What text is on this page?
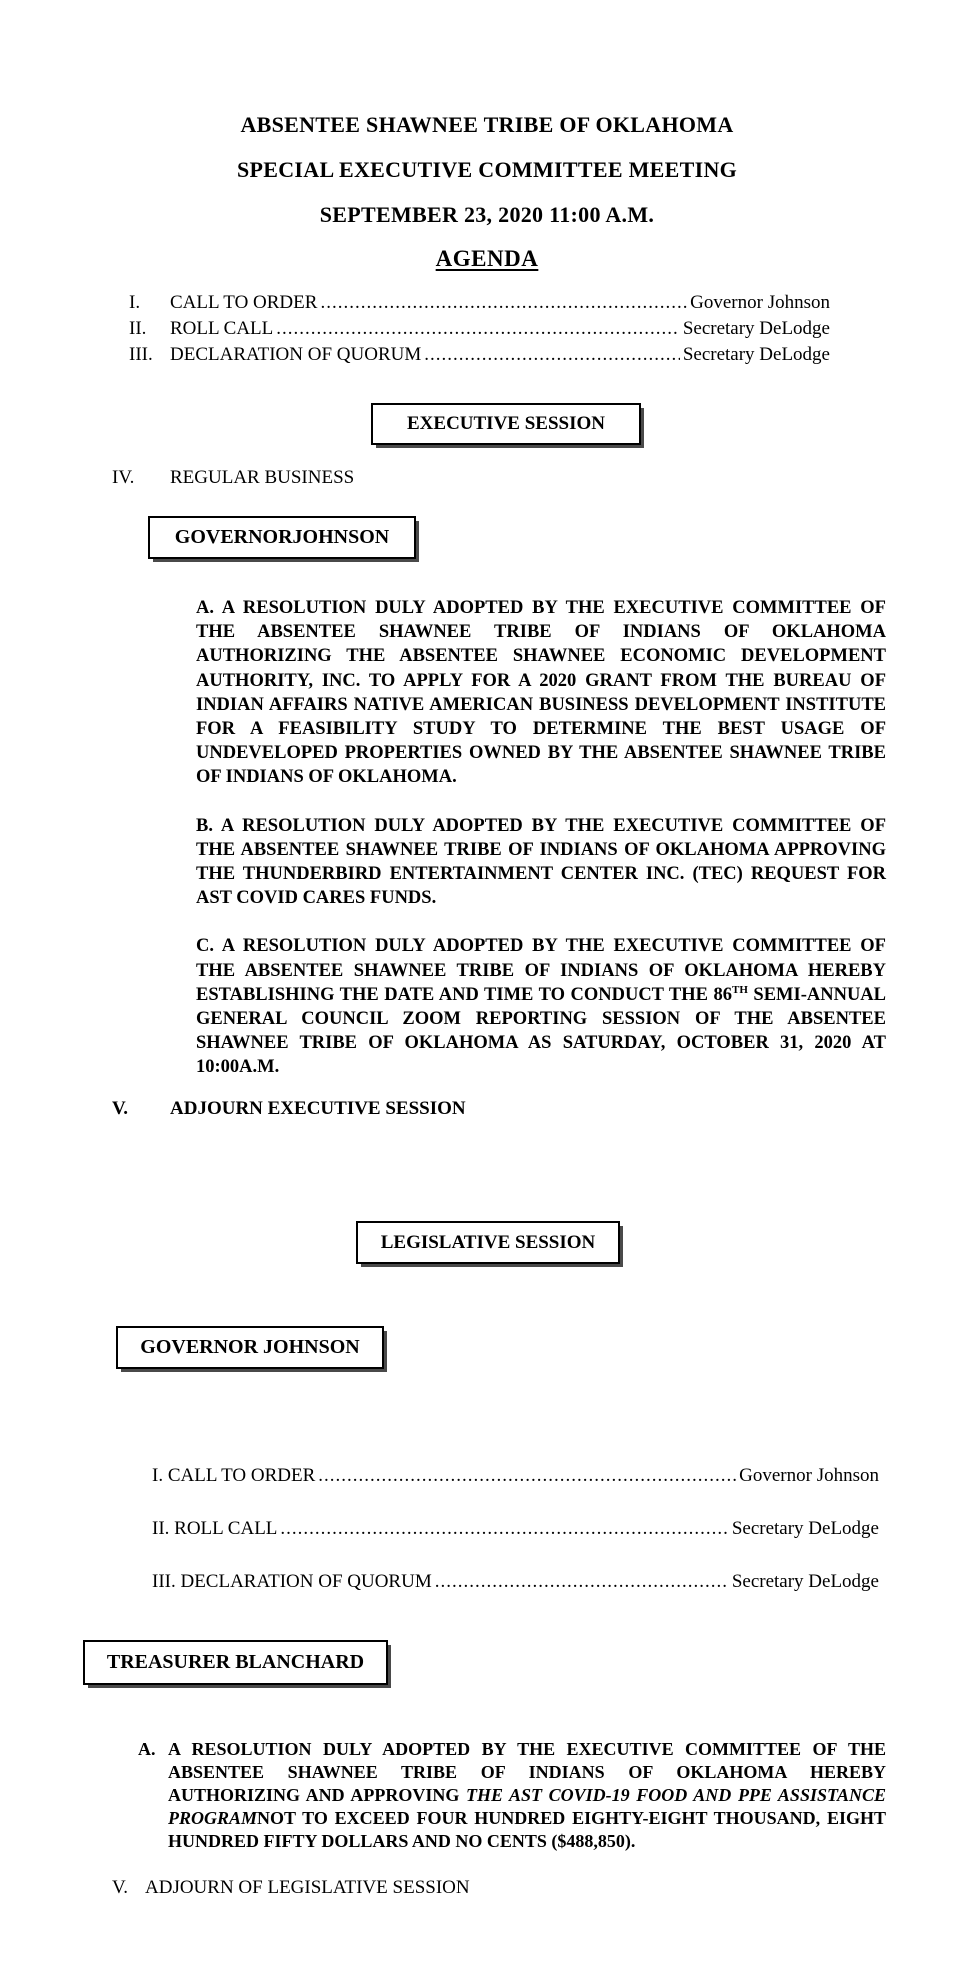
ABSENTEE SHAWNEE TRIBE OF OKLAHOMA
SPECIAL EXECUTIVE COMMITTEE MEETING
SEPTEMBER 23, 2020 11:00 A.M.
AGENDA
I.	CALL TO ORDER .....	Governor Johnson
II.	ROLL CALL .....	Secretary DeLodge
III. DECLARATION OF QUORUM .....	Secretary DeLodge
EXECUTIVE SESSION
IV.	REGULAR BUSINESS
GOVERNORJOHNSON

A. A RESOLUTION DULY ADOPTED BY THE EXECUTIVE COMMITTEE OF THE ABSENTEE SHAWNEE TRIBE OF INDIANS OF OKLAHOMA AUTHORIZING THE ABSENTEE SHAWNEE ECONOMIC DEVELOPMENT AUTHORITY, INC. TO APPLY FOR A 2020 GRANT FROM THE BUREAU OF INDIAN AFFAIRS NATIVE AMERICAN BUSINESS DEVELOPMENT INSTITUTE FOR A FEASIBILITY STUDY TO DETERMINE THE BEST USAGE OF UNDEVELOPED PROPERTIES OWNED BY THE ABSENTEE SHAWNEE TRIBE OF INDIANS OF OKLAHOMA.

B. A RESOLUTION DULY ADOPTED BY THE EXECUTIVE COMMITTEE OF THE ABSENTEE SHAWNEE TRIBE OF INDIANS OF OKLAHOMA APPROVING THE THUNDERBIRD ENTERTAINMENT CENTER INC. (TEC) REQUEST FOR AST COVID CARES FUNDS.

C. A RESOLUTION DULY ADOPTED BY THE EXECUTIVE COMMITTEE OF THE ABSENTEE SHAWNEE TRIBE OF INDIANS OF OKLAHOMA HEREBY ESTABLISHING THE DATE AND TIME TO CONDUCT THE 86TH SEMI-ANNUAL GENERAL COUNCIL ZOOM REPORTING SESSION OF THE ABSENTEE SHAWNEE TRIBE OF OKLAHOMA AS SATURDAY, OCTOBER 31, 2020 AT 10:00A.M.

V.	ADJOURN EXECUTIVE SESSION
LEGISLATIVE SESSION
GOVERNOR JOHNSON
I. CALL TO ORDER .....	Governor Johnson
II. ROLL CALL .....	Secretary DeLodge
III. DECLARATION OF QUORUM .....	Secretary DeLodge
TREASURER BLANCHARD
A. A RESOLUTION DULY ADOPTED BY THE EXECUTIVE COMMITTEE OF THE ABSENTEE SHAWNEE TRIBE OF INDIANS OF OKLAHOMA HEREBY AUTHORIZING AND APPROVING THE AST COVID-19 FOOD AND PPE ASSISTANCE PROGRAMNOT TO EXCEED FOUR HUNDRED EIGHTY-EIGHT THOUSAND, EIGHT HUNDRED FIFTY DOLLARS AND NO CENTS ($488,850).
V. ADJOURN OF LEGISLATIVE SESSION
